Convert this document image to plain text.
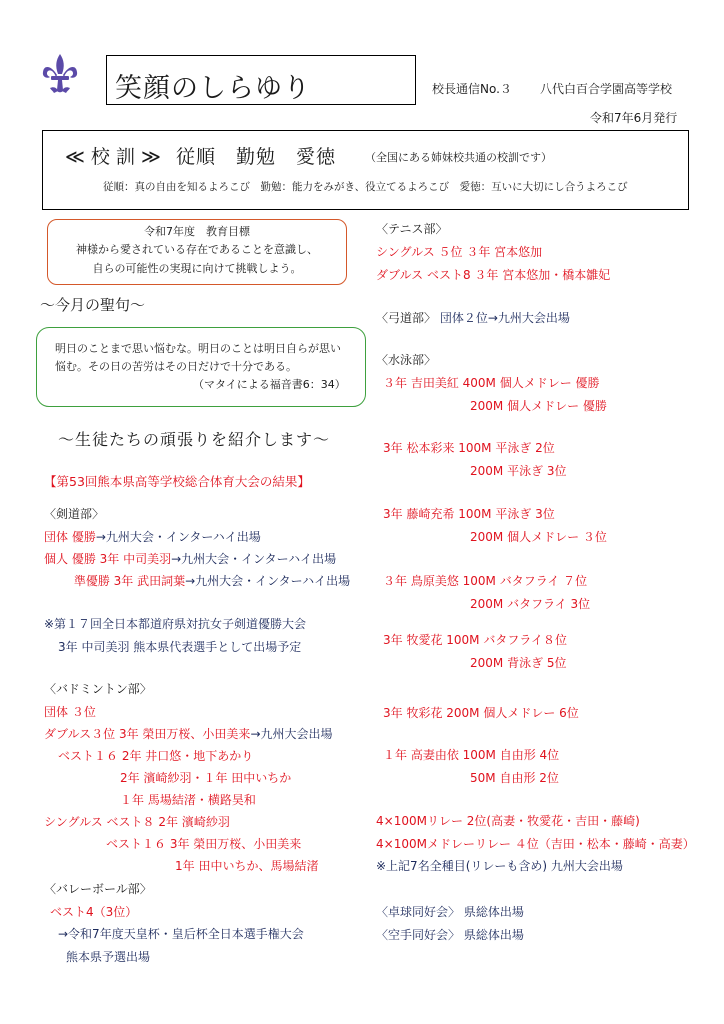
笑顔のしらゆり	校長通信No.３ 八代白百合学園高等学校
令和7年6月発行
≪ 校 訓 ≫ 従順　勤勉　愛徳	（全国にある姉妹校共通の校訓です）
従順：真の自由を知るよろこび　勤勉：能力をみがき、役立てるよろこび　愛徳：互いに大切にし合うよろこび
令和7年度　教育目標
神様から愛されている存在であることを意識し、
自らの可能性の実現に向けて挑戦しよう。
～今月の聖句～
明日のことまで思い悩むな。明日のことは明日自らが思い
悩む。その日の苦労はその日だけで十分である。
（マタイによる福音書6：34）
～生徒たちの頑張りを紹介します～
【第53回熊本県高等学校総合体育大会の結果】
〈剣道部〉
団体 優勝→九州大会・インターハイ出場
個人 優勝 3年 中司美羽→九州大会・インターハイ出場
　 準優勝 3年 武田詞葉→九州大会・インターハイ出場
※第１７回全日本都道府県対抗女子剣道優勝大会
3年 中司美羽 熊本県代表選手として出場予定
〈バドミントン部〉
団体 ３位
ダブルス３位 3年 榮田万桜、小田美来→九州大会出場
ベスト１６ 2年 井口悠・地下あかり
2年 濱崎紗羽・１年 田中いちか
１年 馬場結渚・横路昊和
シングルス ベスト８ 2年 濱崎紗羽
ベスト１６ 3年 榮田万桜、小田美来
1年 田中いちか、馬場結渚
〈バレーボール部〉
ベスト4（3位）
→令和7年度天皇杯・皇后杯全日本選手権大会
熊本県予選出場
〈テニス部〉
シングルス ５位 ３年 宮本悠加
ダブルス ベスト8 ３年 宮本悠加・橋本雛妃
〈弓道部〉 団体２位→九州大会出場
〈水泳部〉
３年 吉田美紅 400M 個人メドレー 優勝
200M 個人メドレー 優勝
3年 松本彩来 100M 平泳ぎ 2位
200M 平泳ぎ 3位
3年 藤崎充希 100M 平泳ぎ 3位
200M 個人メドレー ３位
３年 鳥原美悠 100M バタフライ ７位
200M バタフライ 3位
3年 牧愛花 100M バタフライ８位
200M 背泳ぎ 5位
3年 牧彩花 200M 個人メドレー 6位
１年 高妻由依 100M 自由形 4位
50M 自由形 2位
4×100Mリレー 2位(高妻・牧愛花・吉田・藤崎)
4×100Mメドレーリレー ４位（吉田・松本・藤崎・高妻）
※上記7名全種目(リレーも含め) 九州大会出場
〈卓球同好会〉 県総体出場
〈空手同好会〉 県総体出場
